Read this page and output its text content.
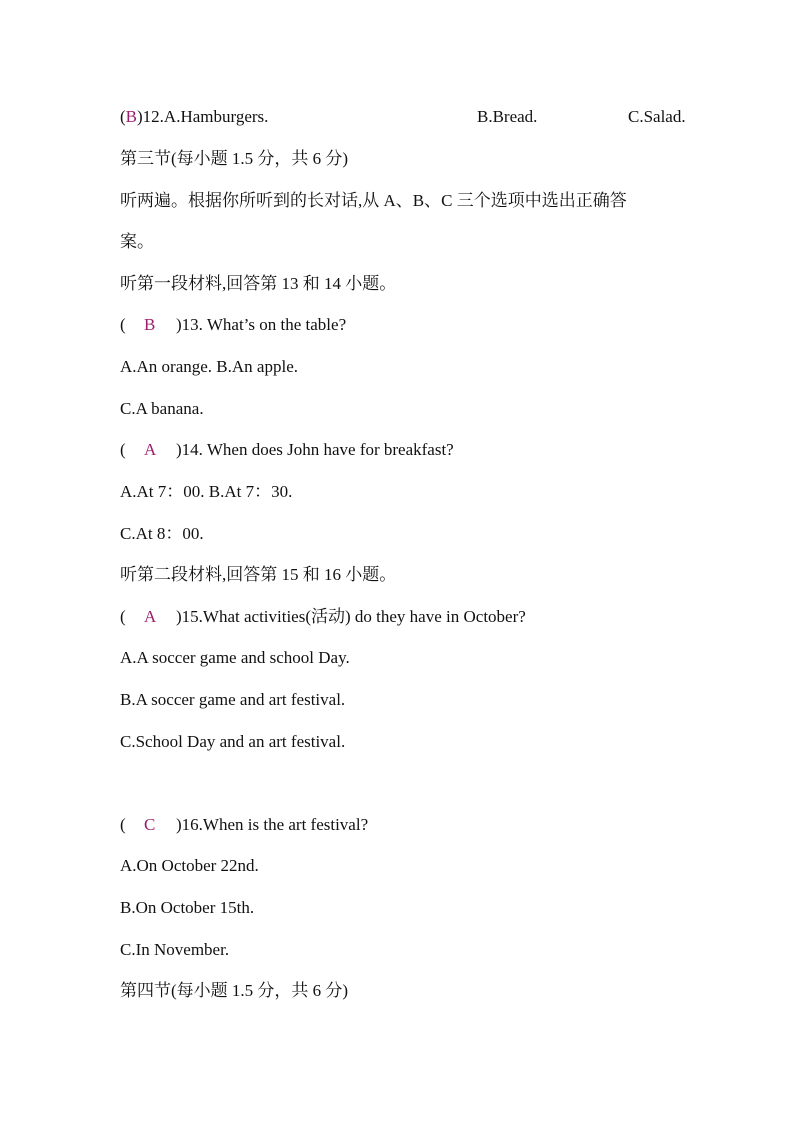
(B)12.A.Hamburgers.	B.Bread.	C.Salad.
第三节(每小题 1.5 分，共 6 分)
听两遍。根据你所听到的长对话,从 A、B、C 三个选项中选出正确答
案。
听第一段材料,回答第 13 和 14 小题。
( B )13. What’s on the table?
A.An orange. B.An apple.
C.A banana.
( A )14. When does John have for breakfast?
A.At 7：00. B.At 7：30.
C.At 8：00.
听第二段材料,回答第 15 和 16 小题。
( A )15.What activities(活动) do they have in October?
A.A soccer game and school Day.
B.A soccer game and art festival.
C.School Day and an art festival.
( C )16.When is the art festival?
A.On October 22nd.
B.On October 15th.
C.In November.
第四节(每小题 1.5 分，共 6 分)
